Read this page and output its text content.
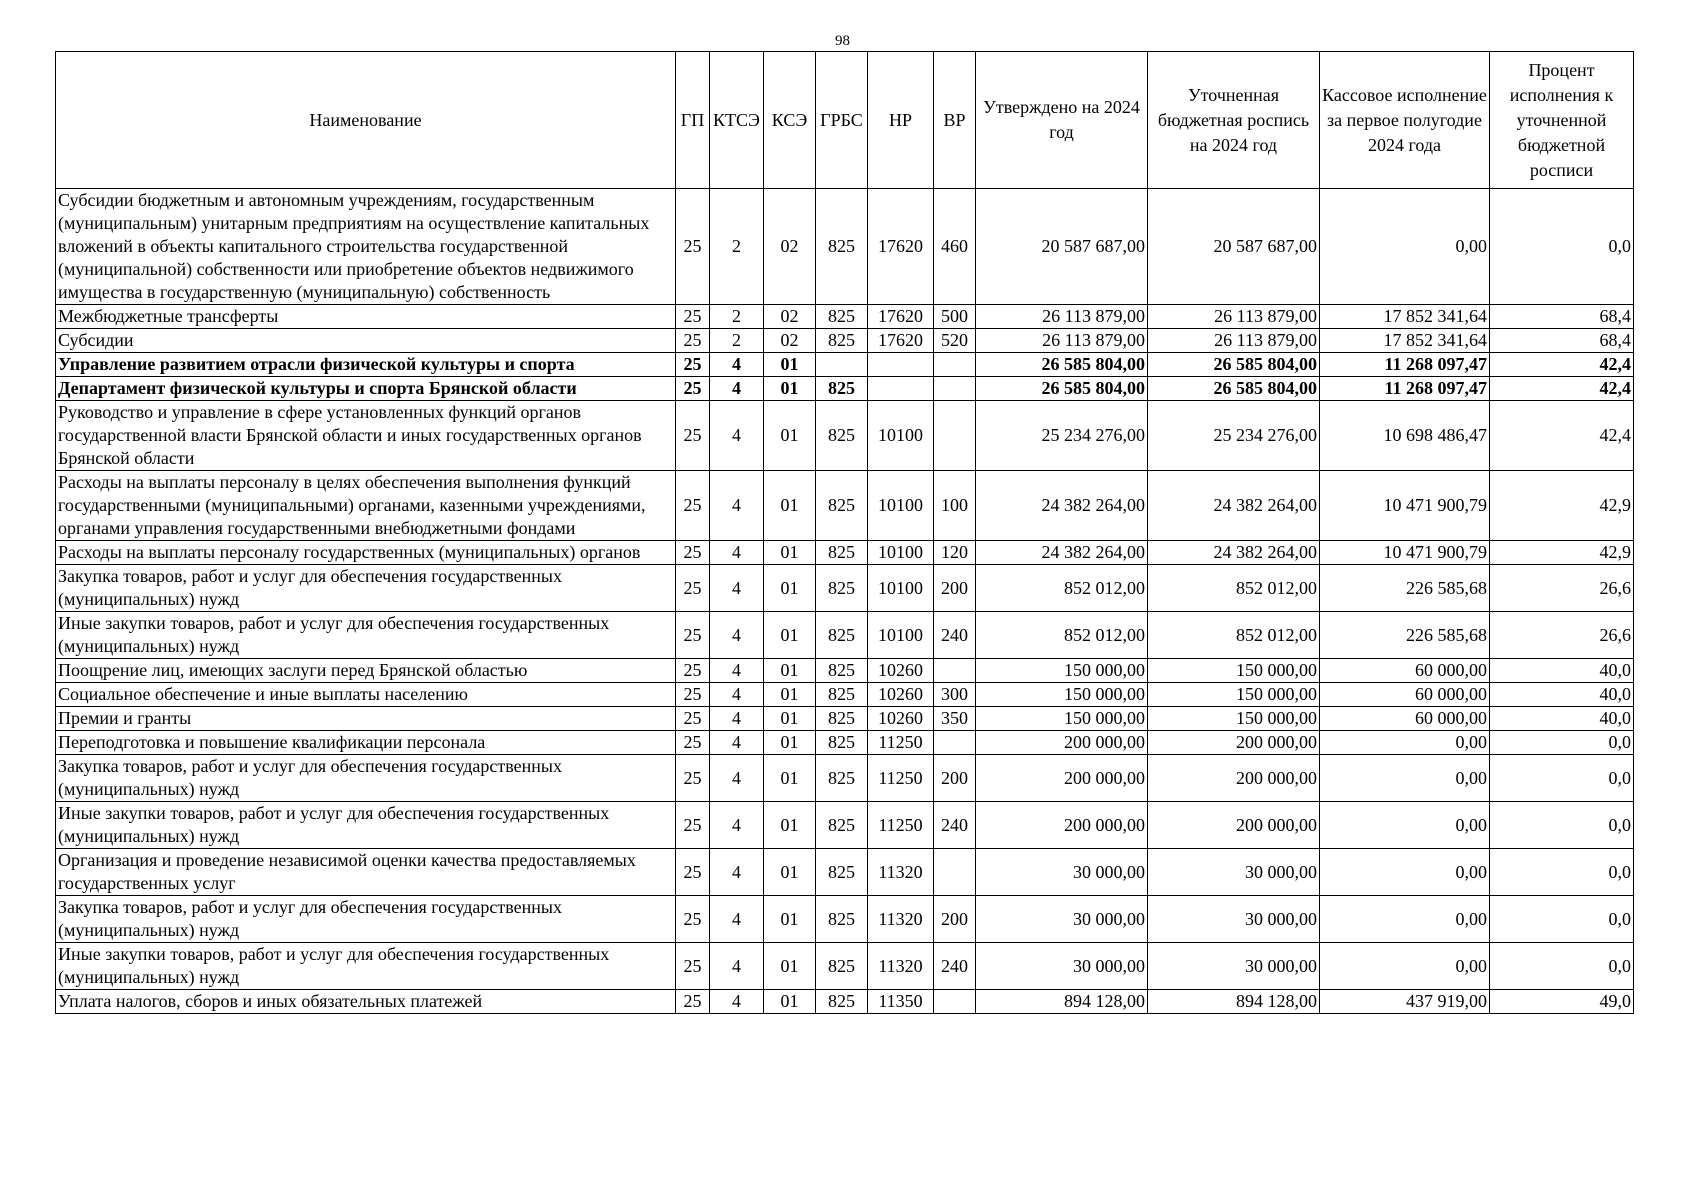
98
Наименование	ГП	КТСЭ	КСЭ	ГРБС	НР	ВР	Утверждено на 2024 год	Уточненная бюджетная роспись на 2024 год	Кассовое исполнение за первое полугодие 2024 года	Процент исполнения к уточненной бюджетной росписи
Субсидии бюджетным и автономным учреждениям, государственным (муниципальным) унитарным предприятиям на осуществление капитальных вложений в объекты капитального строительства государственной (муниципальной) собственности или приобретение объектов недвижимого имущества в государственную (муниципальную) собственность	25	2	02	825	17620	460	20 587 687,00	20 587 687,00	0,00	0,0
Межбюджетные трансферты	25	2	02	825	17620	500	26 113 879,00	26 113 879,00	17 852 341,64	68,4
Субсидии	25	2	02	825	17620	520	26 113 879,00	26 113 879,00	17 852 341,64	68,4
Управление развитием отрасли физической культуры и спорта	25	4	01				26 585 804,00	26 585 804,00	11 268 097,47	42,4
Департамент физической культуры и спорта Брянской области	25	4	01	825			26 585 804,00	26 585 804,00	11 268 097,47	42,4
Руководство и управление в сфере установленных функций органов государственной власти Брянской области и иных государственных органов Брянской области	25	4	01	825	10100		25 234 276,00	25 234 276,00	10 698 486,47	42,4
Расходы на выплаты персоналу в целях обеспечения выполнения функций государственными (муниципальными) органами, казенными учреждениями, органами управления государственными внебюджетными фондами	25	4	01	825	10100	100	24 382 264,00	24 382 264,00	10 471 900,79	42,9
Расходы на выплаты персоналу государственных (муниципальных) органов	25	4	01	825	10100	120	24 382 264,00	24 382 264,00	10 471 900,79	42,9
Закупка товаров, работ и услуг для обеспечения государственных (муниципальных) нужд	25	4	01	825	10100	200	852 012,00	852 012,00	226 585,68	26,6
Иные закупки товаров, работ и услуг для обеспечения государственных (муниципальных) нужд	25	4	01	825	10100	240	852 012,00	852 012,00	226 585,68	26,6
Поощрение лиц, имеющих заслуги перед Брянской областью	25	4	01	825	10260		150 000,00	150 000,00	60 000,00	40,0
Социальное обеспечение и иные выплаты населению	25	4	01	825	10260	300	150 000,00	150 000,00	60 000,00	40,0
Премии и гранты	25	4	01	825	10260	350	150 000,00	150 000,00	60 000,00	40,0
Переподготовка и повышение квалификации персонала	25	4	01	825	11250		200 000,00	200 000,00	0,00	0,0
Закупка товаров, работ и услуг для обеспечения государственных (муниципальных) нужд	25	4	01	825	11250	200	200 000,00	200 000,00	0,00	0,0
Иные закупки товаров, работ и услуг для обеспечения государственных (муниципальных) нужд	25	4	01	825	11250	240	200 000,00	200 000,00	0,00	0,0
Организация и проведение независимой оценки качества предоставляемых государственных услуг	25	4	01	825	11320		30 000,00	30 000,00	0,00	0,0
Закупка товаров, работ и услуг для обеспечения государственных (муниципальных) нужд	25	4	01	825	11320	200	30 000,00	30 000,00	0,00	0,0
Иные закупки товаров, работ и услуг для обеспечения государственных (муниципальных) нужд	25	4	01	825	11320	240	30 000,00	30 000,00	0,00	0,0
Уплата налогов, сборов и иных обязательных платежей	25	4	01	825	11350		894 128,00	894 128,00	437 919,00	49,0
